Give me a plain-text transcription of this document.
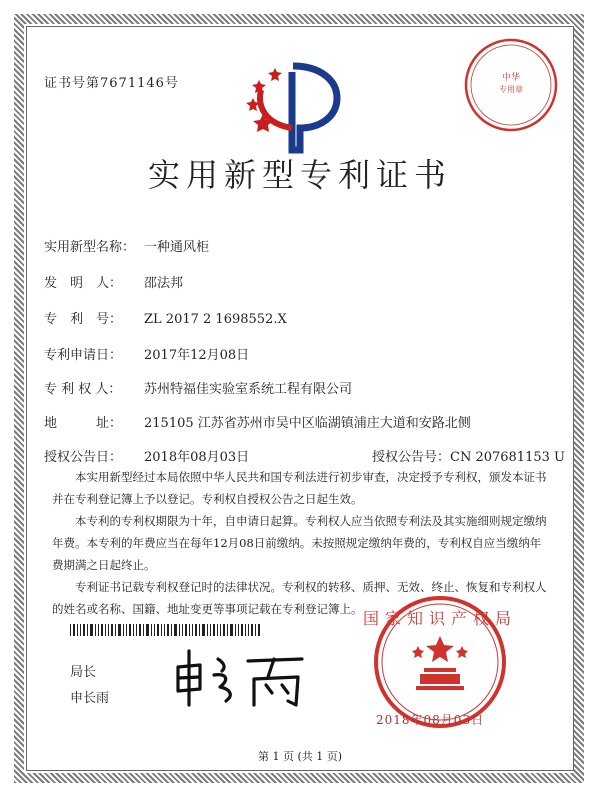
证书号第7671146号	中华
专用章
实用新型专利证书
实用新型名称： 一种通风柜
发　明　人： 邵法邦
专　利　号： ZL 2017 2 1698552.X
专利申请日： 2017年12月08日
专 利 权 人： 苏州特福佳实验室系统工程有限公司
地　　　址： 215105 江苏省苏州市吴中区临湖镇浦庄大道和安路北侧
授权公告日： 2018年08月03日	授权公告号：CN 207681153 U

本实用新型经过本局依照中华人民共和国专利法进行初步审查，决定授予专利权，颁发本证书并在专利登记簿上予以登记。专利权自授权公告之日起生效。

本专利的专利权期限为十年，自申请日起算。专利权人应当依照专利法及其实施细则规定缴纳年费。本专利的年费应当在每年12月08日前缴纳。未按照规定缴纳年费的，专利权自应当缴纳年费期满之日起终止。

专利证书记载专利权登记时的法律状况。专利权的转移、质押、无效、终止、恢复和专利权人的姓名或名称、国籍、地址变更等事项记载在专利登记簿上。

局长
申长雨
国家知识产权局
2018年08月03日
第 1 页 (共 1 页)
